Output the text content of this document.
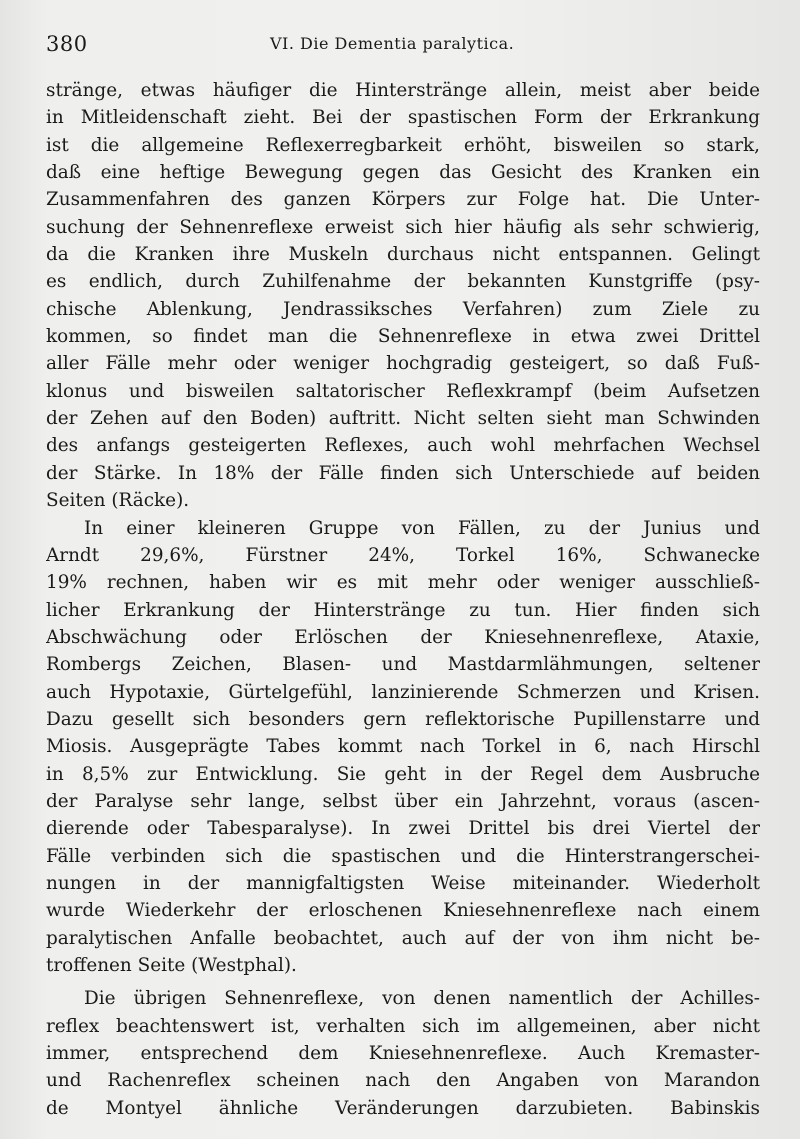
380	VI. Die Dementia paralytica.
stränge, etwas häufiger die Hinterstränge allein, meist aber beide
in Mitleidenschaft zieht. Bei der spastischen Form der Erkrankung
ist die allgemeine Reflexerregbarkeit erhöht, bisweilen so stark,
daß eine heftige Bewegung gegen das Gesicht des Kranken ein
Zusammenfahren des ganzen Körpers zur Folge hat. Die Unter-
suchung der Sehnenreflexe erweist sich hier häufig als sehr schwierig,
da die Kranken ihre Muskeln durchaus nicht entspannen. Gelingt
es endlich, durch Zuhilfenahme der bekannten Kunstgriffe (psy-
chische Ablenkung, Jendrassiksches Verfahren) zum Ziele zu
kommen, so findet man die Sehnenreflexe in etwa zwei Drittel
aller Fälle mehr oder weniger hochgradig gesteigert, so daß Fuß-
klonus und bisweilen saltatorischer Reflexkrampf (beim Aufsetzen
der Zehen auf den Boden) auftritt. Nicht selten sieht man Schwinden
des anfangs gesteigerten Reflexes, auch wohl mehrfachen Wechsel
der Stärke. In 18% der Fälle finden sich Unterschiede auf beiden
Seiten (Räcke).
In einer kleineren Gruppe von Fällen, zu der Junius und
Arndt 29,6%, Fürstner 24%, Torkel 16%, Schwanecke
19% rechnen, haben wir es mit mehr oder weniger ausschließ-
licher Erkrankung der Hinterstränge zu tun. Hier finden sich
Abschwächung oder Erlöschen der Kniesehnenreflexe, Ataxie,
Rombergs Zeichen, Blasen- und Mastdarmlähmungen, seltener
auch Hypotaxie, Gürtelgefühl, lanzinierende Schmerzen und Krisen.
Dazu gesellt sich besonders gern reflektorische Pupillenstarre und
Miosis. Ausgeprägte Tabes kommt nach Torkel in 6, nach Hirschl
in 8,5% zur Entwicklung. Sie geht in der Regel dem Ausbruche
der Paralyse sehr lange, selbst über ein Jahrzehnt, voraus (ascen-
dierende oder Tabesparalyse). In zwei Drittel bis drei Viertel der
Fälle verbinden sich die spastischen und die Hinterstrangerschei-
nungen in der mannigfaltigsten Weise miteinander. Wiederholt
wurde Wiederkehr der erloschenen Kniesehnenreflexe nach einem
paralytischen Anfalle beobachtet, auch auf der von ihm nicht be-
troffenen Seite (Westphal).
Die übrigen Sehnenreflexe, von denen namentlich der Achilles-
reflex beachtenswert ist, verhalten sich im allgemeinen, aber nicht
immer, entsprechend dem Kniesehnenreflexe. Auch Kremaster-
und Rachenreflex scheinen nach den Angaben von Marandon
de Montyel ähnliche Veränderungen darzubieten. Babinskis
